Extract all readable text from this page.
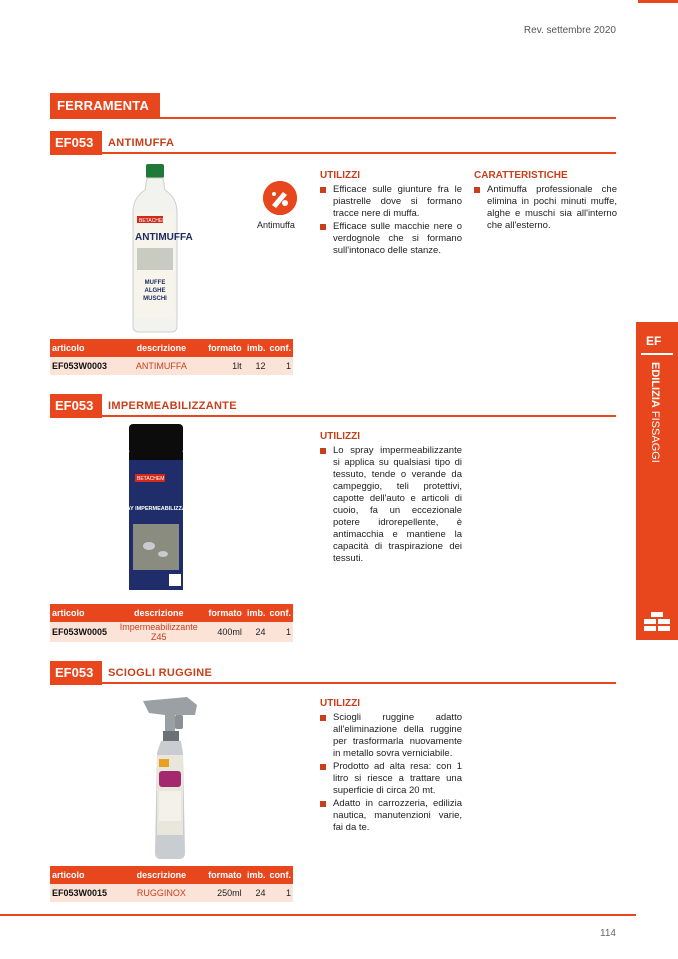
Rev. settembre 2020
FERRAMENTA
EF053	ANTIMUFFA
BETACHEM
ANTIMUFFA
MUFFE
ALGHE
MUSCHI
Antimuffa
UTILIZZI
Efficace sulle giunture fra le piastrelle dove si formano tracce nere di muffa.
Efficace sulle macchie nere o verdognole che si formano sull'intonaco delle stanze.
CARATTERISTICHE
Antimuffa professionale che elimina in pochi minuti muffe, alghe e muschi sia all'interno che all'esterno.
articolo	descrizione	formato	imb.	conf.
EF053W0003	ANTIMUFFA	1lt	12	1
EF053	IMPERMEABILIZZANTE
BETACHEM
SPRAY IMPERMEABILIZZANTE
UTILIZZI
Lo spray impermeabilizzante si applica su qualsiasi tipo di tessuto, tende o verande da campeggio, teli protettivi, capotte dell'auto e articoli di cuoio, fa un eccezionale potere idrorepellente, è antimacchia e mantiene la capacità di traspirazione dei tessuti.
articolo	descrizione	formato	imb.	conf.
EF053W0005	Impermeabilizzante Z45	400ml	24	1
EF053	SCIOGLI RUGGINE
UTILIZZI
Sciogli ruggine adatto all'eliminazione della ruggine per trasformarla nuovamente in metallo sovra verniciabile.
Prodotto ad alta resa: con 1 litro si riesce a trattare una superficie di circa 20 mt.
Adatto in carrozzeria, edilizia nautica, manutenzioni varie, fai da te.
articolo	descrizione	formato	imb.	conf.
EF053W0015	RUGGINOX	250ml	24	1
EF
EDILIZIA FISSAGGI
114
